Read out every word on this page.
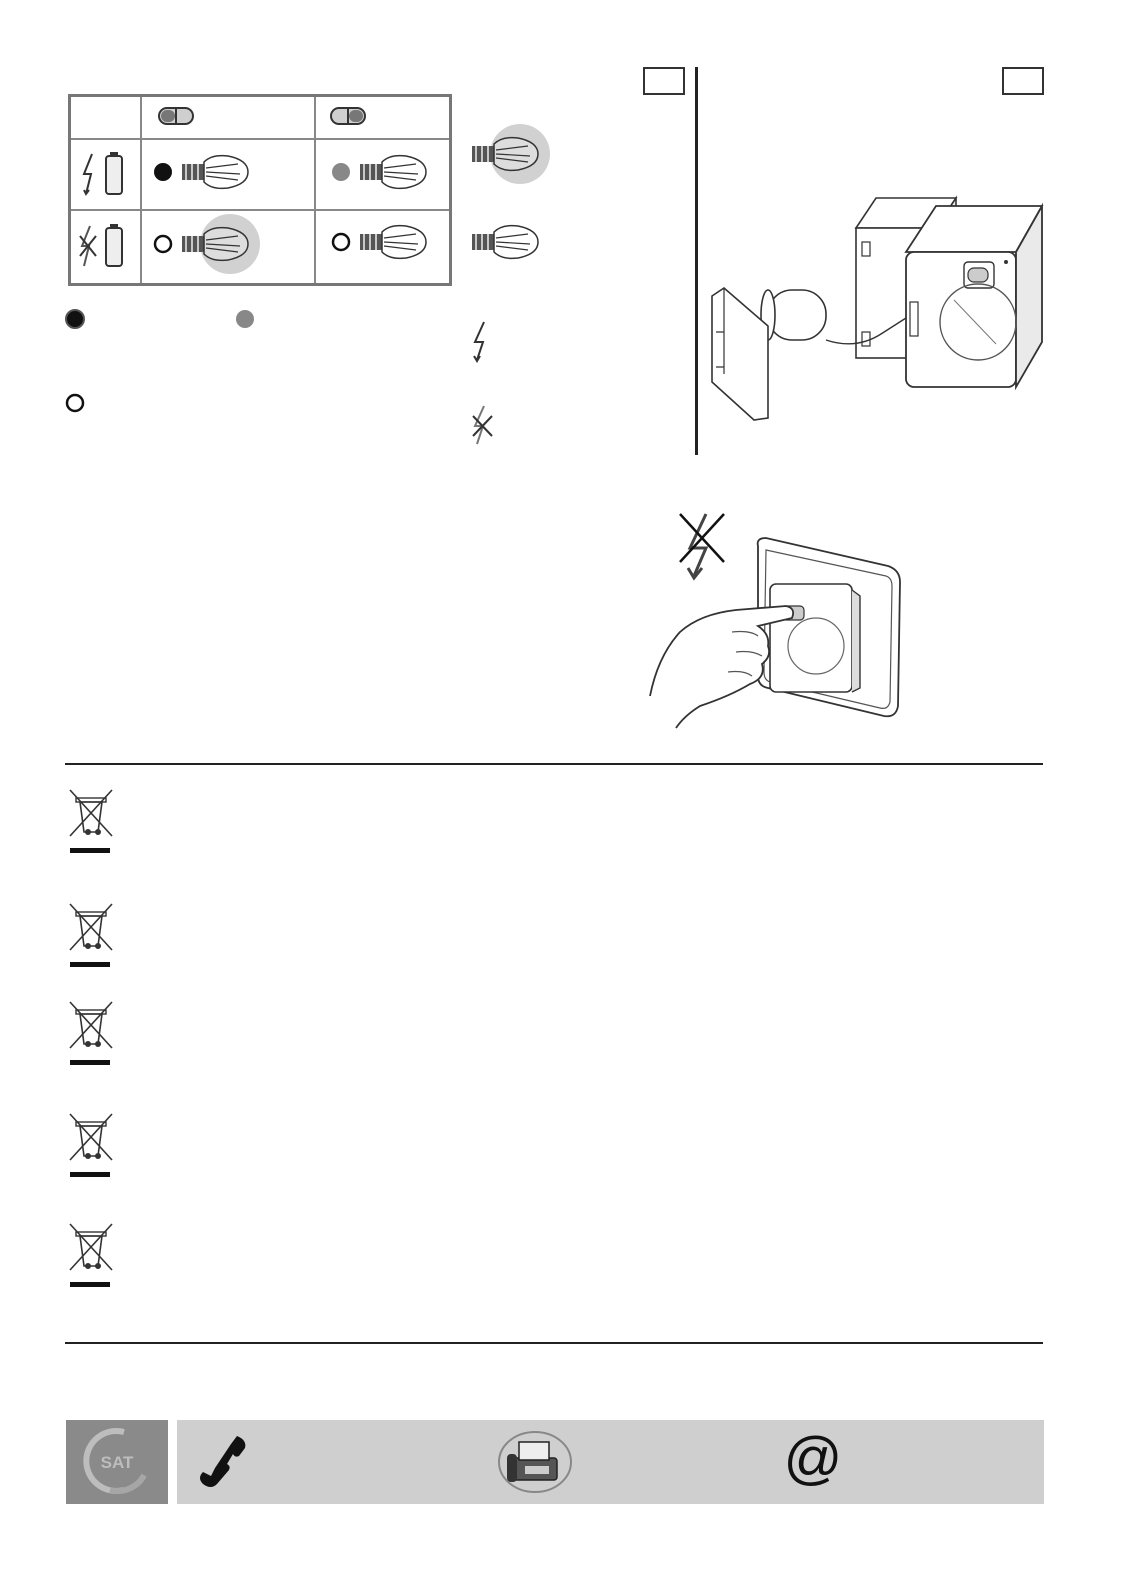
SAT	@
